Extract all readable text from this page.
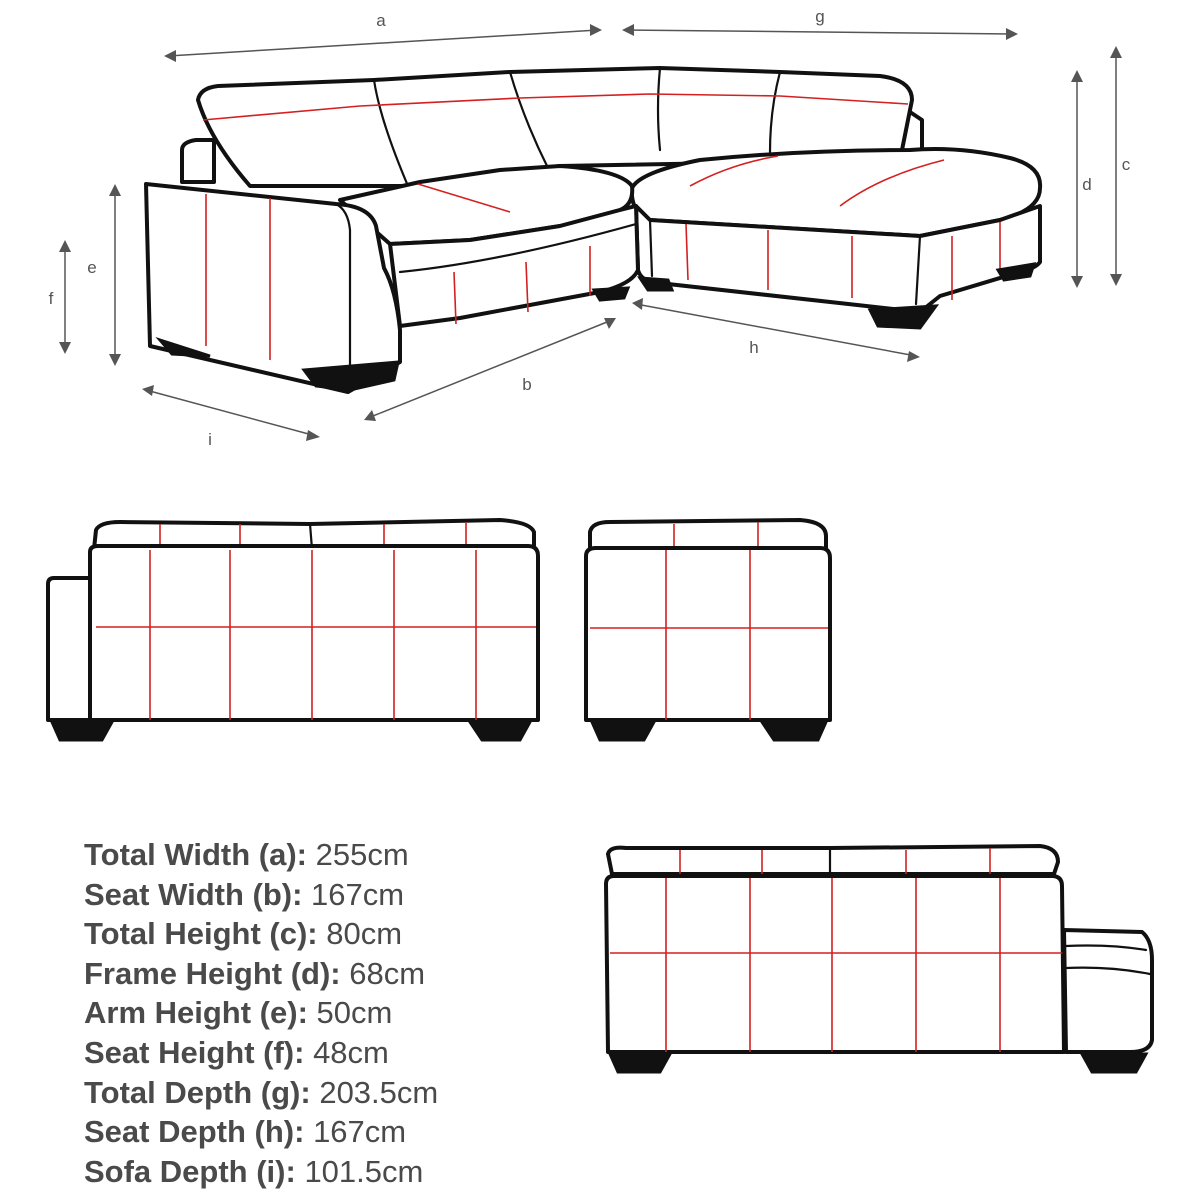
a	g
c
d
e
f
b
h
i
Total Width (a): 255cm
Seat Width (b): 167cm
Total Height (c): 80cm
Frame Height (d): 68cm
Arm Height (e): 50cm
Seat Height (f): 48cm
Total Depth (g): 203.5cm
Seat Depth (h): 167cm
Sofa Depth (i): 101.5cm
